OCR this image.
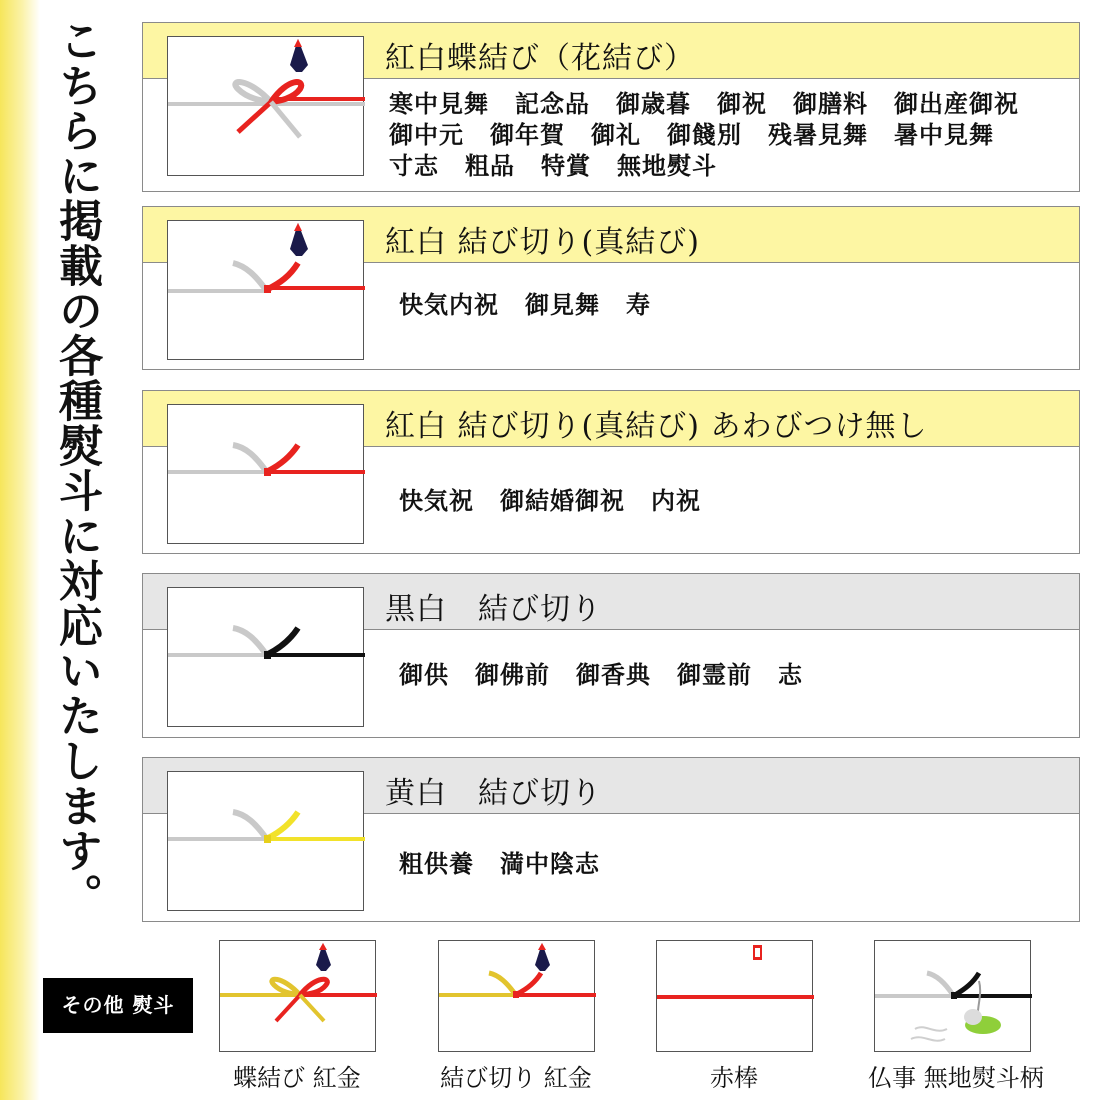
こちらに掲載の各種熨斗に対応いたします。	紅白蝶結び（花結び）
寒中見舞 記念品 御歳暮 御祝 御膳料 御出産御祝
御中元 御年賀 御礼 御餞別 残暑見舞 暑中見舞
寸志 粗品 特賞 無地熨斗
紅白 結び切り(真結び)
快気内祝 御見舞 寿
紅白 結び切り(真結び) あわびつけ無し
快気祝 御結婚御祝 内祝
黒白　結び切り
御供 御佛前 御香典 御霊前 志
黄白　結び切り
粗供養 満中陰志
その他 熨斗
蝶結び 紅金	結び切り 紅金	赤棒	仏事 無地熨斗柄
